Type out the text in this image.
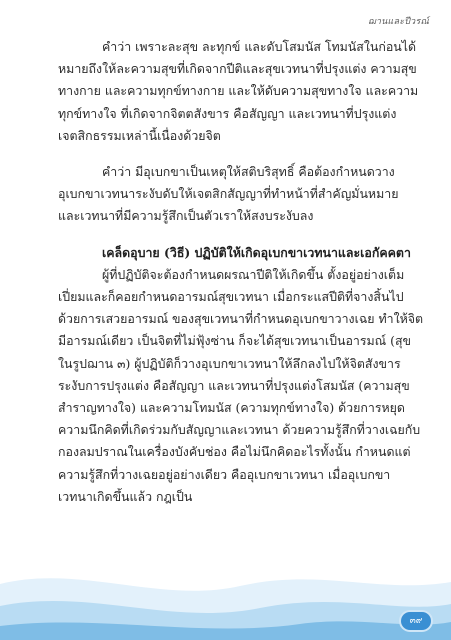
ฌานและปีวรณ์

คำว่า เพราะละสุข ละทุกข์ และดับโสมนัส โทมนัสในก่อนได้หมายถึงให้ละความสุขที่เกิดจากปีติและสุขเวทนาที่ปรุงแต่ง ความสุขทางกาย และความทุกข์ทางกาย และให้ดับความสุขทางใจ และความทุกข์ทางใจ ที่เกิดจากจิตตสังขาร คือสัญญา และเวทนาที่ปรุงแต่งเจตสิกธรรมเหล่านี้เนื่องด้วยจิต

คำว่า มีอุเบกขาเป็นเหตุให้สติบริสุทธิ์ คือต้องกำหนดวางอุเบกขาเวทนาระงับดับให้เจตสิกสัญญาที่ทำหน้าที่สำคัญมั่นหมาย และเวทนาที่มีความรู้สึกเป็นตัวเราให้สงบระงับลง

เคล็ดอุบาย (วิธี) ปฏิบัติให้เกิดอุเบกขาเวทนาและเอกัคคตา

ผู้ที่ปฏิบัติจะต้องกำหนดผรณาปีติให้เกิดขึ้น ตั้งอยู่อย่างเต็มเปี่ยมและก็คอยกำหนดอารมณ์สุขเวทนา เมื่อกระแสปีติที่จางสิ้นไปด้วยการเสวยอารมณ์ ของสุขเวทนาที่กำหนดอุเบกขาวางเฉย ทำให้จิตมีอารมณ์เดียว เป็นจิตที่ไม่ฟุ้งซ่าน ก็จะได้สุขเวทนาเป็นอารมณ์ (สุขในรูปฌาน ๓) ผู้ปฏิบัติก็วางอุเบกขาเวทนาให้ลึกลงไปให้จิตสังขารระงับการปรุงแต่ง คือสัญญา และเวทนาที่ปรุงแต่งโสมนัส (ความสุขสำราญทางใจ) และความโทมนัส (ความทุกข์ทางใจ) ด้วยการหยุดความนึกคิดที่เกิดร่วมกับสัญญาและเวทนา ด้วยความรู้สึกที่วางเฉยกับกองลมปราณในเครื่องบังคับช่อง คือไม่นึกคิดอะไรทั้งนั้น กำหนดแต่ความรู้สึกที่วางเฉยอยู่อย่างเดียว คืออุเบกขาเวทนา เมื่ออุเบกขาเวทนาเกิดขึ้นแล้ว กฎเป็น

๓๙
